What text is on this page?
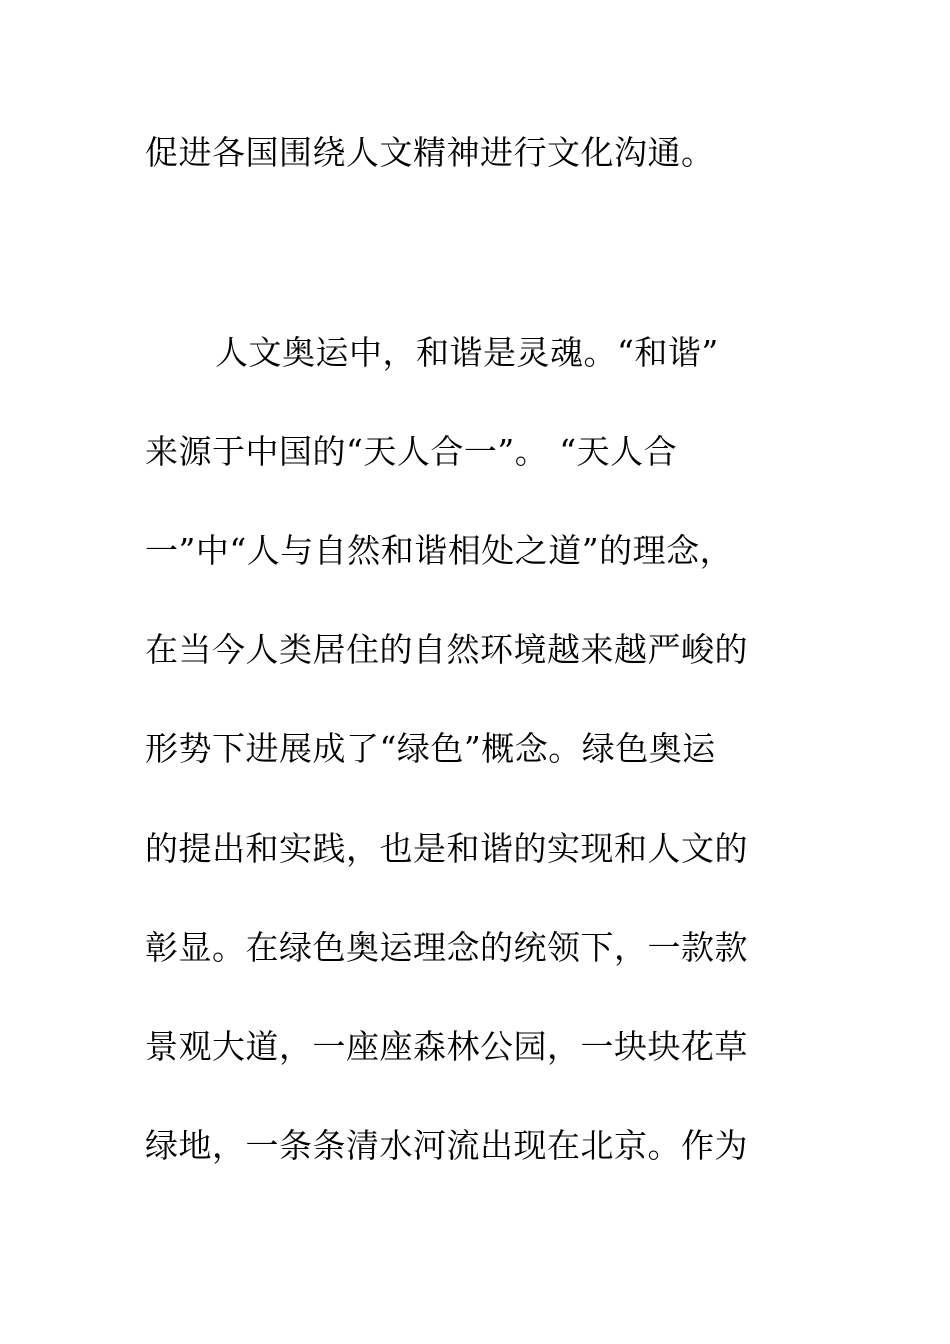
促进各国围绕人文精神进行文化沟通。
人文奥运中，和谐是灵魂。“和谐”
来源于中国的“天人合一”。 “天人合
一”中“人与自然和谐相处之道”的理念，
在当今人类居住的自然环境越来越严峻的
形势下进展成了“绿色”概念。绿色奥运
的提出和实践，也是和谐的实现和人文的
彰显。在绿色奥运理念的统领下，一款款
景观大道，一座座森林公园，一块块花草
绿地，一条条清水河流出现在北京。作为
